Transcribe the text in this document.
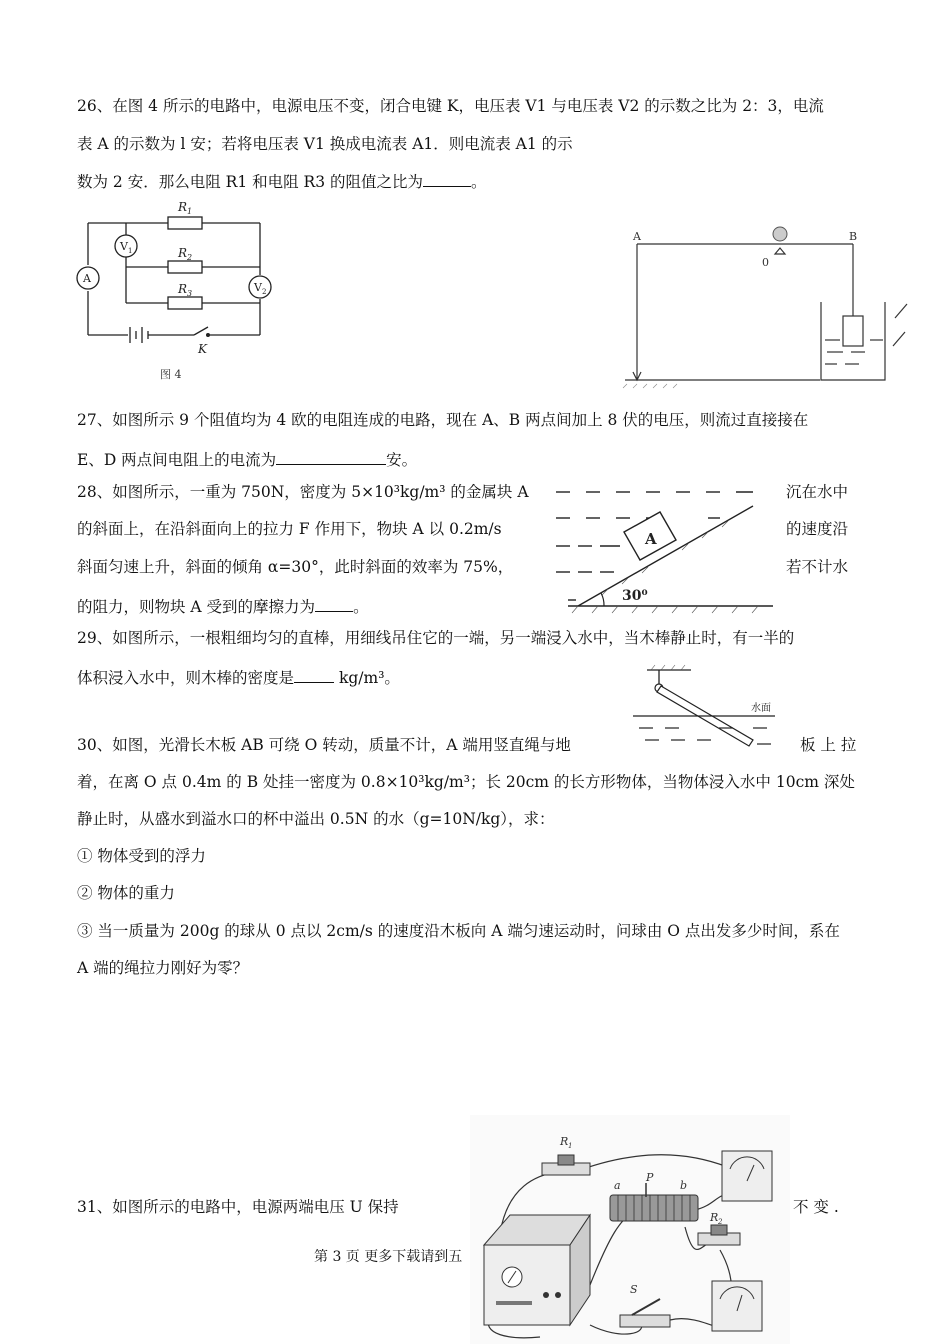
26、在图 4 所示的电路中，电源电压不变，闭合电键 K，电压表 V1 与电压表 V2 的示数之比为 2：3，电流
表 A 的示数为 l 安；若将电压表 V1 换成电流表 A1．则电流表 A1 的示
数为 2 安．那么电阻 R1 和电阻 R3 的阻值之比为	。
R 1
R 2
R 3
V 1
A
V 2
K
图 4
A	B
0
27、如图所示 9 个阻值均为 4 欧的电阻连成的电路，现在 A、B 两点间加上 8 伏的电压，则流过直接接在
E、D 两点间电阻上的电流为	安。
28、如图所示，一重为 750N，密度为 5×10³kg/m³ 的金属块 A	沉在水中
的斜面上，在沿斜面向上的拉力 F 作用下，物块 A 以 0.2m/s	的速度沿
斜面匀速上升，斜面的倾角 α=30°，此时斜面的效率为 75%，	若不计水
的阻力，则物块 A 受到的摩擦力为 。
A
30⁰
29、如图所示，一根粗细均匀的直棒，用细线吊住它的一端，另一端浸入水中，当木棒静止时，有一半的
体积浸入水中，则木棒的密度是	kg/m³。
水面
30、如图，光滑长木板 AB 可绕 O 转动，质量不计，A 端用竖直绳与地	板 上 拉
着，在离 O 点 0.4m 的 B 处挂一密度为 0.8×10³kg/m³；长 20cm 的长方形物体，当物体浸入水中 10cm 深处
静止时，从盛水到溢水口的杯中溢出 0.5N 的水（g=10N/kg），求：
① 物体受到的浮力
② 物体的重力
③ 当一质量为 200g 的球从 0 点以 2cm/s 的速度沿木板向 A 端匀速运动时，问球由 O 点出发多少时间，系在
A 端的绳拉力刚好为零？
31、如图所示的电路中，电源两端电压 U 保持	不 变 .
R 1
R 2
P
a	b
S
第 3 页 更多下载请到五
